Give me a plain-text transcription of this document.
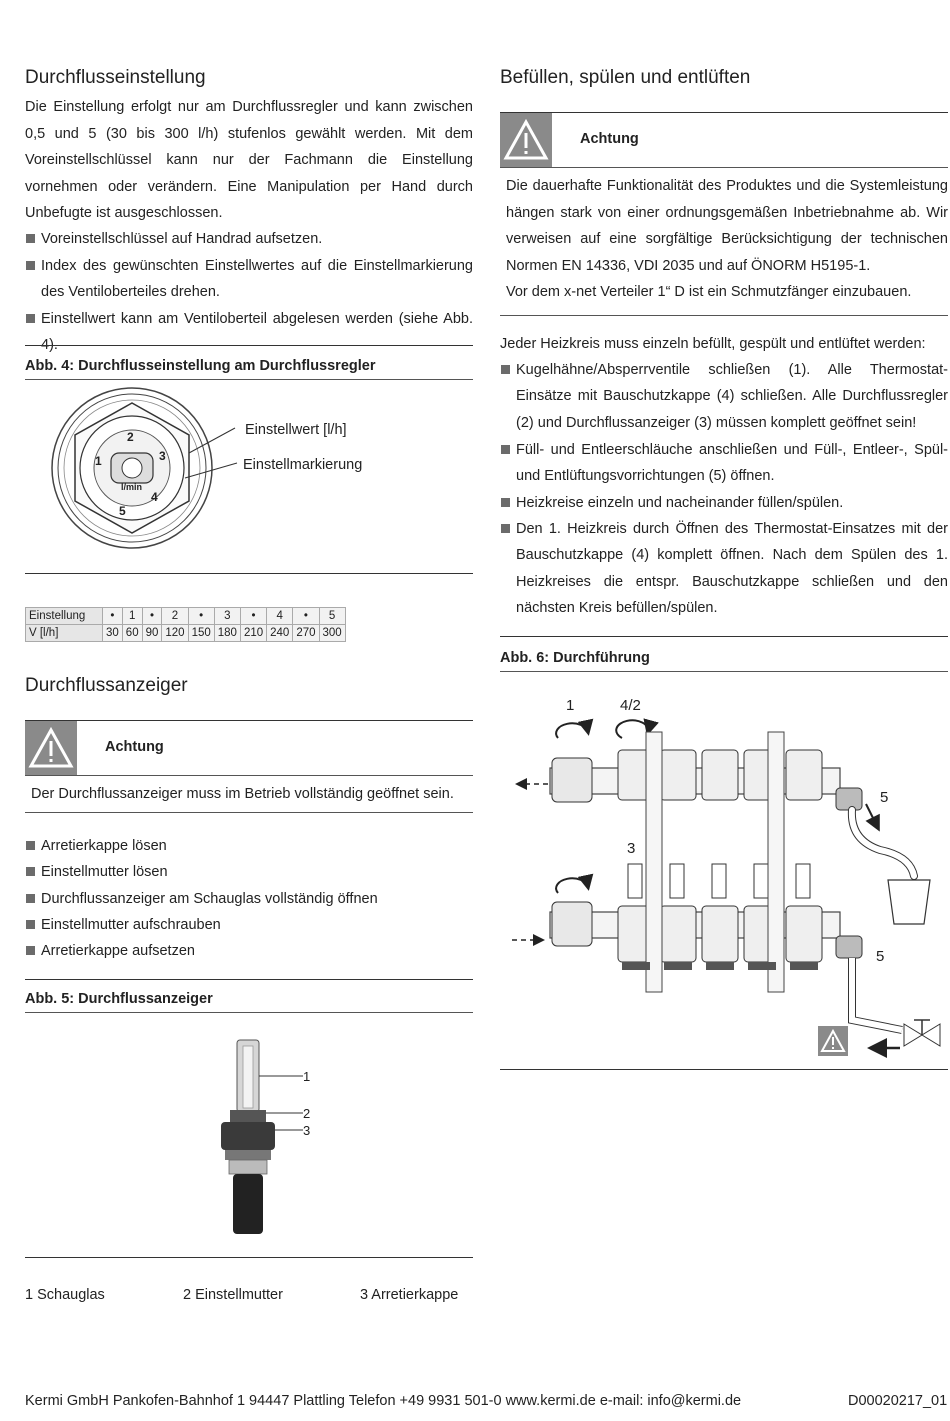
Durchflusseinstellung

Die Einstellung erfolgt nur am Durchflussregler und kann zwischen 0,5 und 5 (30 bis 300 l/h) stufenlos gewählt werden. Mit dem Voreinstellschlüssel kann nur der Fachmann die Einstellung vornehmen oder verändern. Eine Manipulation per Hand durch Unbefugte ist ausgeschlossen.

Voreinstellschlüssel auf Handrad aufsetzen.
Index des gewünschten Einstellwertes auf die Einstellmarkierung des Ventiloberteiles drehen.
Einstellwert kann am Ventiloberteil abgelesen werden (siehe Abb. 4).
Abb. 4: Durchflusseinstellung am Durchflussregler
1
2
3
4
5
l/min
Einstellwert [l/h]
Einstellmarkierung
Einstellung	•	1	•	2	•	3	•	4	•	5
V [l/h]	30	60	90	120	150	180	210	240	270	300
Durchflussanzeiger
Achtung
Der Durchflussanzeiger muss im Betrieb vollständig geöffnet sein.
Arretierkappe lösen
Einstellmutter lösen
Durchflussanzeiger am Schauglas vollständig öffnen
Einstellmutter aufschrauben
Arretierkappe aufsetzen
Abb. 5: Durchflussanzeiger
1
2
3
1 Schauglas	2 Einstellmutter	3 Arretierkappe
Befüllen, spülen und entlüften
Achtung
Die dauerhafte Funktionalität des Produktes und die Systemleistung hängen stark von einer ordnungsgemäßen Inbetriebnahme ab. Wir verweisen auf eine sorgfältige Berücksichtigung der technischen Normen EN 14336, VDI 2035 und auf ÖNORM H5195-1.
Vor dem x-net Verteiler 1“ D ist ein Schmutzfänger einzubauen.
Jeder Heizkreis muss einzeln befüllt, gespült und entlüftet werden:
Kugelhähne/Absperrventile schließen (1). Alle Thermostat- Einsätze mit Bauschutzkappe (4) schließen. Alle Durchflussregler (2) und Durchflussanzeiger (3) müssen komplett geöffnet sein!
Füll- und Entleerschläuche anschließen und Füll-, Entleer-, Spül- und Entlüftungsvorrichtungen (5) öffnen.
Heizkreise einzeln und nacheinander füllen/spülen.
Den 1. Heizkreis durch Öffnen des Thermostat-Einsatzes mit der Bauschutzkappe (4) komplett öffnen. Nach dem Spülen des 1. Heizkreises die entspr. Bauschutzkappe schließen und den nächsten Kreis befüllen/spülen.
Abb. 6: Durchführung
1	4/2
5
3
5
Kermi GmbH Pankofen-Bahnhof 1 94447 Plattling Telefon +49 9931 501-0 www.kermi.de e-mail: info@kermi.de	D00020217_01
